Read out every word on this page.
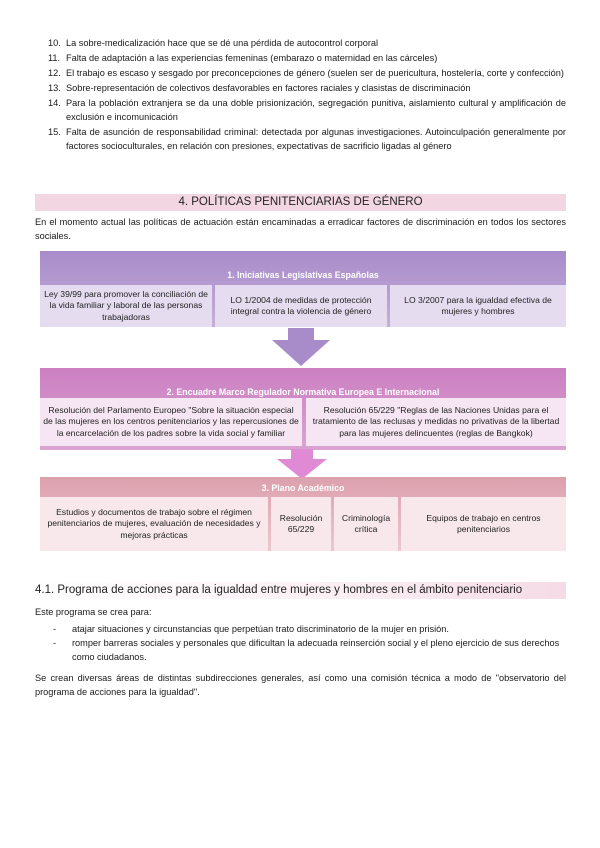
10. La sobre-medicalización hace que se dé una pérdida de autocontrol corporal
11. Falta de adaptación a las experiencias femeninas (embarazo o maternidad en las cárceles)
12. El trabajo es escaso y sesgado por preconcepciones de género (suelen ser de puericultura, hostelería, corte y confección)
13. Sobre-representación de colectivos desfavorables en factores raciales y clasistas de discriminación
14. Para la población extranjera se da una doble prisionización, segregación punitiva, aislamiento cultural y amplificación de exclusión e incomunicación
15. Falta de asunción de responsabilidad criminal: detectada por algunas investigaciones. Autoinculpación generalmente por factores socioculturales, en relación con presiones, expectativas de sacrificio ligadas al género
4. POLÍTICAS PENITENCIARIAS DE GÉNERO
En el momento actual las políticas de actuación están encaminadas a erradicar factores de discriminación en todos los sectores sociales.
1. Iniciativas Legislativas Españolas
Ley 39/99 para promover la conciliación de la vida familiar y laboral de las personas trabajadoras
LO 1/2004 de medidas de protección integral contra la violencia de género
LO 3/2007 para la igualdad efectiva de mujeres y hombres
2. Encuadre Marco Regulador Normativa Europea E Internacional
Resolución del Parlamento Europeo "Sobre la situación especial de las mujeres en los centros penitenciarios y las repercusiones de la encarcelación de los padres sobre la vida social y familiar
Resolución 65/229 "Reglas de las Naciones Unidas para el tratamiento de las reclusas y medidas no privativas de la libertad para las mujeres delincuentes (reglas de Bangkok)
3. Plano Académico
Estudios y documentos de trabajo sobre el régimen penitenciarios de mujeres, evaluación de necesidades y mejoras prácticas
Resolución 65/229
Criminología crítica
Equipos de trabajo en centros penitenciarios
4.1. Programa de acciones para la igualdad entre mujeres y hombres en el ámbito penitenciario
Este programa se crea para:
-	atajar situaciones y circunstancias que perpetúan trato discriminatorio de la mujer en prisión.
-	romper barreras sociales y personales que dificultan la adecuada reinserción social y el pleno ejercicio de sus derechos como ciudadanos.
Se crean diversas áreas de distintas subdirecciones generales, así como una comisión técnica a modo de "observatorio del programa de acciones para la igualdad".
